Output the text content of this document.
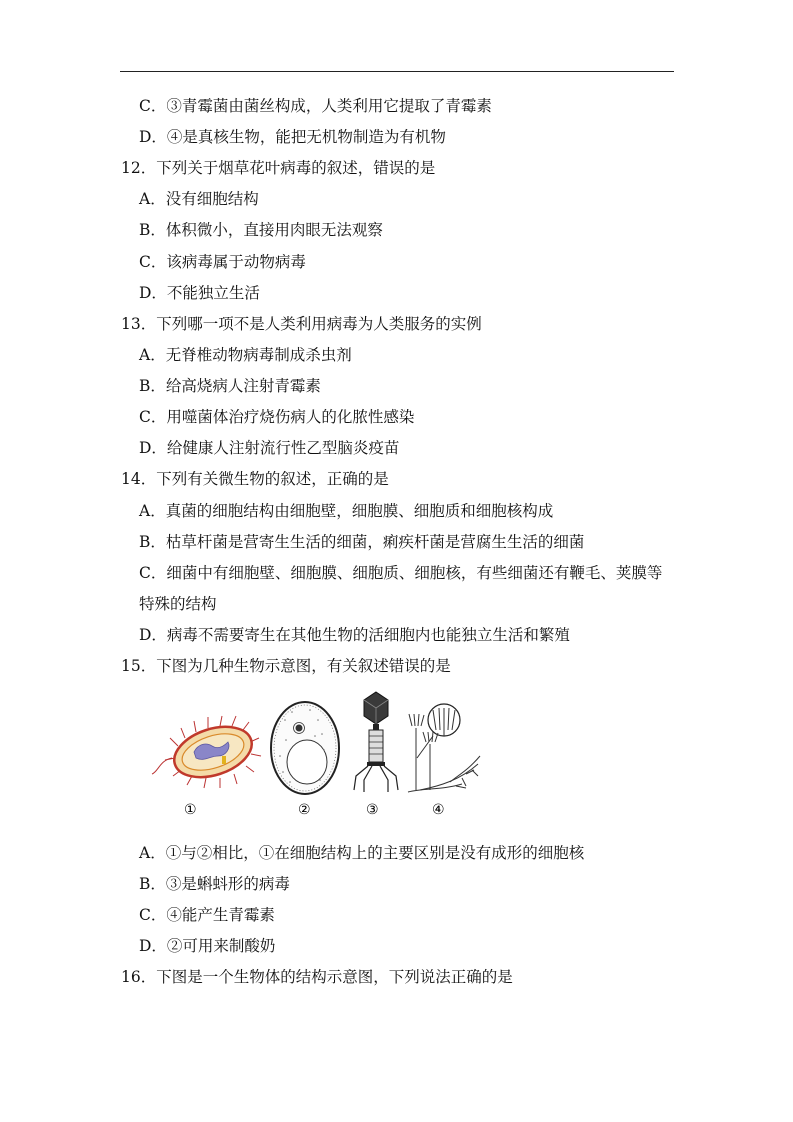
C．③青霉菌由菌丝构成，人类利用它提取了青霉素
D．④是真核生物，能把无机物制造为有机物
12．下列关于烟草花叶病毒的叙述，错误的是
A．没有细胞结构
B．体积微小，直接用肉眼无法观察
C．该病毒属于动物病毒
D．不能独立生活
13．下列哪一项不是人类利用病毒为人类服务的实例
A．无脊椎动物病毒制成杀虫剂
B．给高烧病人注射青霉素
C．用噬菌体治疗烧伤病人的化脓性感染
D．给健康人注射流行性乙型脑炎疫苗
14．下列有关微生物的叙述，正确的是
A．真菌的细胞结构由细胞壁，细胞膜、细胞质和细胞核构成
B．枯草杆菌是营寄生生活的细菌，痢疾杆菌是营腐生生活的细菌
C．细菌中有细胞壁、细胞膜、细胞质、细胞核，有些细菌还有鞭毛、荚膜等
特殊的结构
D．病毒不需要寄生在其他生物的活细胞内也能独立生活和繁殖
15．下图为几种生物示意图，有关叙述错误的是
①	②	③	④
A．①与②相比，①在细胞结构上的主要区别是没有成形的细胞核
B．③是蝌蚪形的病毒
C．④能产生青霉素
D．②可用来制酸奶
16．下图是一个生物体的结构示意图，下列说法正确的是
